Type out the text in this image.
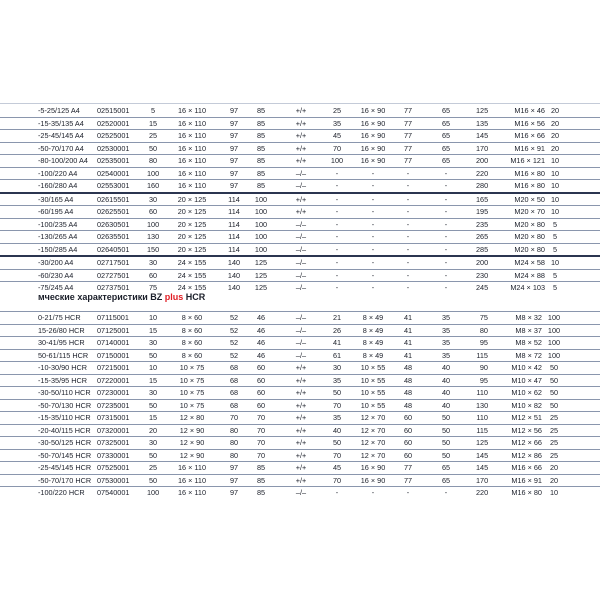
-5-25/125 A4 02515001	5	16 × 110	97	85	+/+	25	16 × 90	77	65	125	M16 × 46 20
-15-35/135 A4 02520001	15	16 × 110	97	85	+/+	35	16 × 90	77	65	135	M16 × 56 20
-25-45/145 A4 02525001	25	16 × 110	97	85	+/+	45	16 × 90	77	65	145	M16 × 66 20
-50-70/170 A4 02530001	50	16 × 110	97	85	+/+	70	16 × 90	77	65	170	M16 × 91 20
-80-100/200 A4 02535001	80	16 × 110	97	85	+/+	100	16 × 90	77	65	200	M16 × 121 10
-100/220 A4	02540001 100	16 × 110	97	85	–/–	-	-	-	-	220	M16 × 80 10
-160/280 A4	02553001 160	16 × 110	97	85	–/–	-	-	-	-	280	M16 × 80 10
-30/165 A4	02615501	30	20 × 125	114	100	+/+	-	-	-	-	165	M20 × 50 10
-60/195 A4	02625501	60	20 × 125	114	100	+/+	-	-	-	-	195	M20 × 70 10
-100/235 A4	02630501 100	20 × 125	114	100	–/–	-	-	-	-	235	M20 × 80	5
-130/265 A4	02635501 130	20 × 125	114	100	–/–	-	-	-	-	265	M20 × 80	5
-150/285 A4	02640501 150	20 × 125	114	100	–/–	-	-	-	-	285	M20 × 80	5
-30/200 A4	02717501	30	24 × 155	140	125	–/–	-	-	-	-	200	M24 × 58 10
-60/230 A4	02727501	60	24 × 155	140	125	–/–	-	-	-	-	230	M24 × 88	5
-75/245 A4	02737501	75	24 × 155	140	125	–/–	-	-	-	-	245	M24 × 103	5
мческие характеристики BZ plus HCR
0-21/75 HCR 07115001	10	8 × 60	52	46	–/–	21	8 × 49	41	35	75	M8 × 32 100
15-26/80 HCR 07125001	15	8 × 60	52	46	–/–	26	8 × 49	41	35	80	M8 × 37 100
30-41/95 HCR 07140001	30	8 × 60	52	46	–/–	41	8 × 49	41	35	95	M8 × 52 100
50-61/115 HCR 07150001	50	8 × 60	52	46	–/–	61	8 × 49	41	35	115	M8 × 72 100
-10-30/90 HCR 07215001	10	10 × 75	68	60	+/+	30	10 × 55	48	40	90	M10 × 42	50
-15-35/95 HCR 07220001	15	10 × 75	68	60	+/+	35	10 × 55	48	40	95	M10 × 47	50
-30-50/110 HCR 07230001	30	10 × 75	68	60	+/+	50	10 × 55	48	40	110	M10 × 62	50
-50-70/130 HCR 07235001	50	10 × 75	68	60	+/+	70	10 × 55	48	40	130	M10 × 82	50
-15-35/110 HCR 07315001	15	12 × 80	70	70	+/+	35	12 × 70	60	50	110	M12 × 51	25
-20-40/115 HCR 07320001	20	12 × 90	80	70	+/+	40	12 × 70	60	50	115	M12 × 56	25
-30-50/125 HCR 07325001	30	12 × 90	80	70	+/+	50	12 × 70	60	50	125	M12 × 66	25
-50-70/145 HCR 07330001	50	12 × 90	80	70	+/+	70	12 × 70	60	50	145	M12 × 86	25
-25-45/145 HCR 07525001	25	16 × 110	97	85	+/+	45	16 × 90	77	65	145	M16 × 66	20
-50-70/170 HCR 07530001	50	16 × 110	97	85	+/+	70	16 × 90	77	65	170	M16 × 91	20
-100/220 HCR 07540001 100	16 × 110	97	85	–/–	-	-	-	-	220	M16 × 80	10
